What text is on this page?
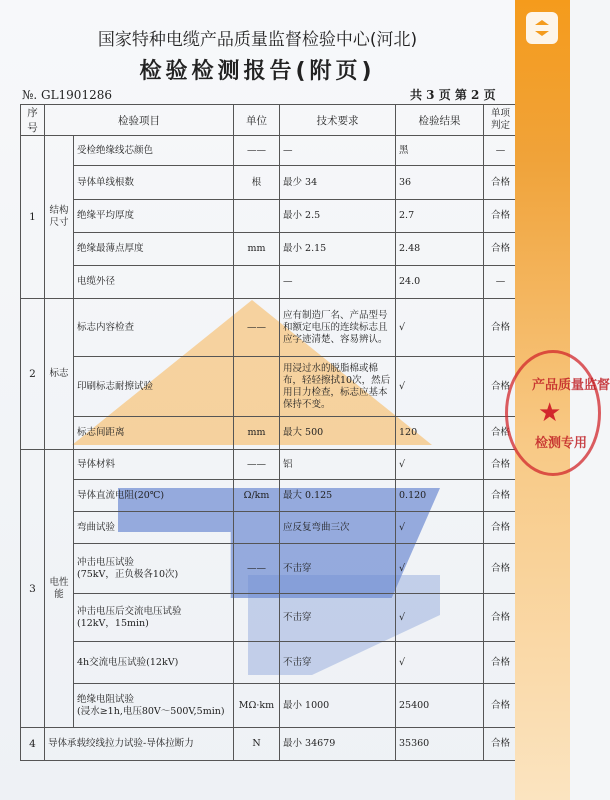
国家特种电缆产品质量监督检验中心(河北)
检验检测报告(附页)
№. GL1901286	共 3 页 第 2 页
序号	检验项目		单位	技术要求	检验结果	单项判定
1	结构尺寸	受检绝缘线芯颜色	——	—	黑	—
		导体单线根数	根	最少 34	36	合格
		绝缘平均厚度		最小 2.5	2.7	合格
		绝缘最薄点厚度	mm	最小 2.15	2.48	合格
		电缆外径		—	24.0	—
2	标志	标志内容检查	——	应有制造厂名、产品型号和额定电压的连续标志且应字迹清楚、容易辨认。	√	合格
		印刷标志耐擦试验		用浸过水的脱脂棉或棉布，轻轻擦拭10次，然后用目力检查，标志应基本保持不变。	√	合格
		标志间距离	mm	最大 500	120	合格
3	电性能	导体材料	——	铝	√	合格
		导体直流电阻(20℃)	Ω/km	最大 0.125	0.120	合格
		弯曲试验		应反复弯曲三次	√	合格
		冲击电压试验
(75kV，正负极各10次)	——	不击穿	√	合格
		冲击电压后交流电压试验
(12kV，15min)		不击穿	√	合格
		4h交流电压试验(12kV)		不击穿	√	合格
		绝缘电阻试验
(浸水≥1h,电压80V～500V,5min)	MΩ·km	最小 1000	25400	合格
4	导体承载绞线拉力试验-导体拉断力		N	最小 34679	35360	合格
产品质量监督
★
检测专用
